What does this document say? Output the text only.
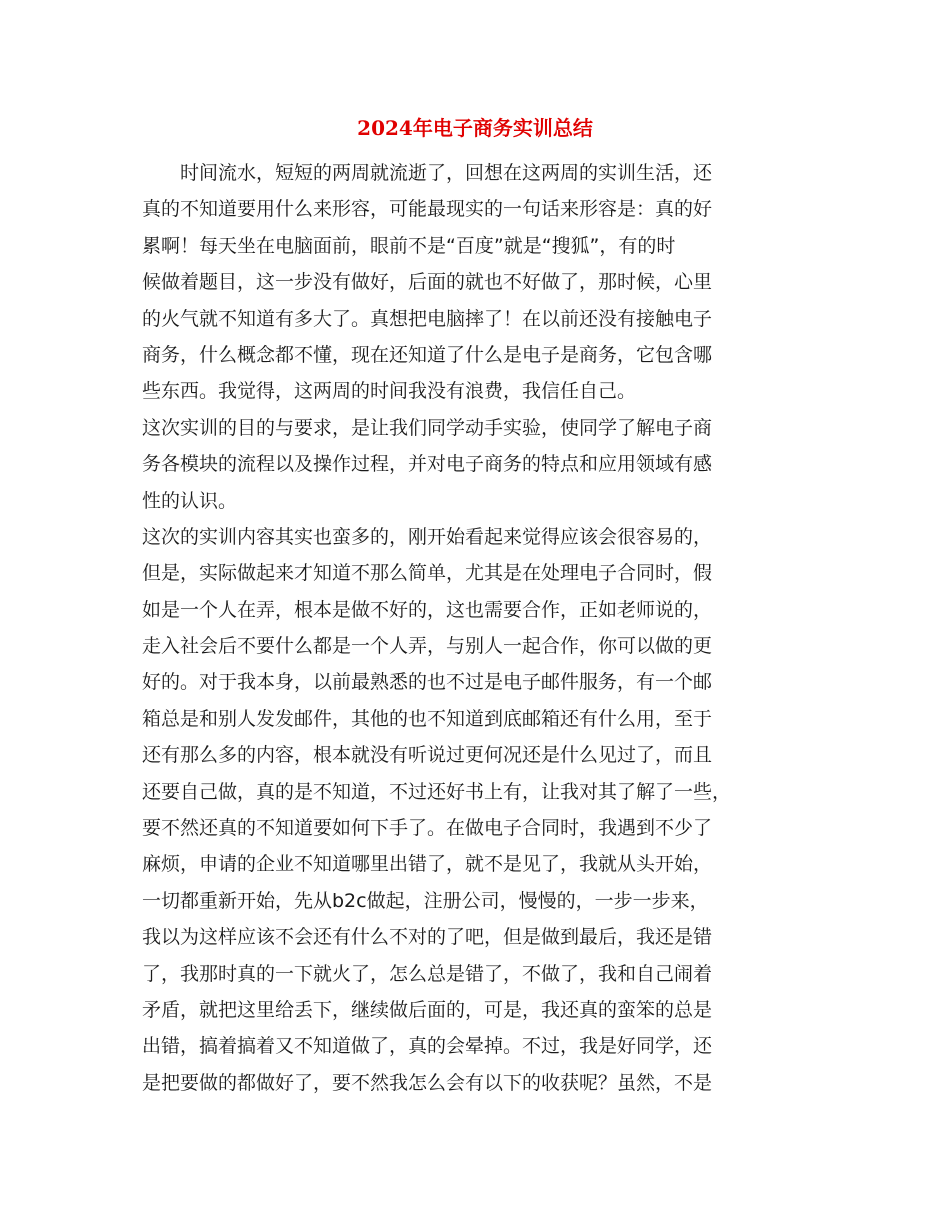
2024年电子商务实训总结
时间流水，短短的两周就流逝了，回想在这两周的实训生活，还
真的不知道要用什么来形容，可能最现实的一句话来形容是：真的好
累啊！每天坐在电脑面前，眼前不是“百度”就是“搜狐”，有的时
候做着题目，这一步没有做好，后面的就也不好做了，那时候，心里
的火气就不知道有多大了。真想把电脑摔了！在以前还没有接触电子
商务，什么概念都不懂，现在还知道了什么是电子是商务，它包含哪
些东西。我觉得，这两周的时间我没有浪费，我信任自己。
这次实训的目的与要求，是让我们同学动手实验，使同学了解电子商
务各模块的流程以及操作过程，并对电子商务的特点和应用领域有感
性的认识。
这次的实训内容其实也蛮多的，刚开始看起来觉得应该会很容易的，
但是，实际做起来才知道不那么简单，尤其是在处理电子合同时，假
如是一个人在弄，根本是做不好的，这也需要合作，正如老师说的，
走入社会后不要什么都是一个人弄，与别人一起合作，你可以做的更
好的。对于我本身，以前最熟悉的也不过是电子邮件服务，有一个邮
箱总是和别人发发邮件，其他的也不知道到底邮箱还有什么用，至于
还有那么多的内容，根本就没有听说过更何况还是什么见过了，而且
还要自己做，真的是不知道，不过还好书上有，让我对其了解了一些，
要不然还真的不知道要如何下手了。在做电子合同时，我遇到不少了
麻烦，申请的企业不知道哪里出错了，就不是见了，我就从头开始，
一切都重新开始，先从b2c做起，注册公司，慢慢的，一步一步来，
我以为这样应该不会还有什么不对的了吧，但是做到最后，我还是错
了，我那时真的一下就火了，怎么总是错了，不做了，我和自己闹着
矛盾，就把这里给丢下，继续做后面的，可是，我还真的蛮笨的总是
出错，搞着搞着又不知道做了，真的会晕掉。不过，我是好同学，还
是把要做的都做好了，要不然我怎么会有以下的收获呢？虽然，不是
